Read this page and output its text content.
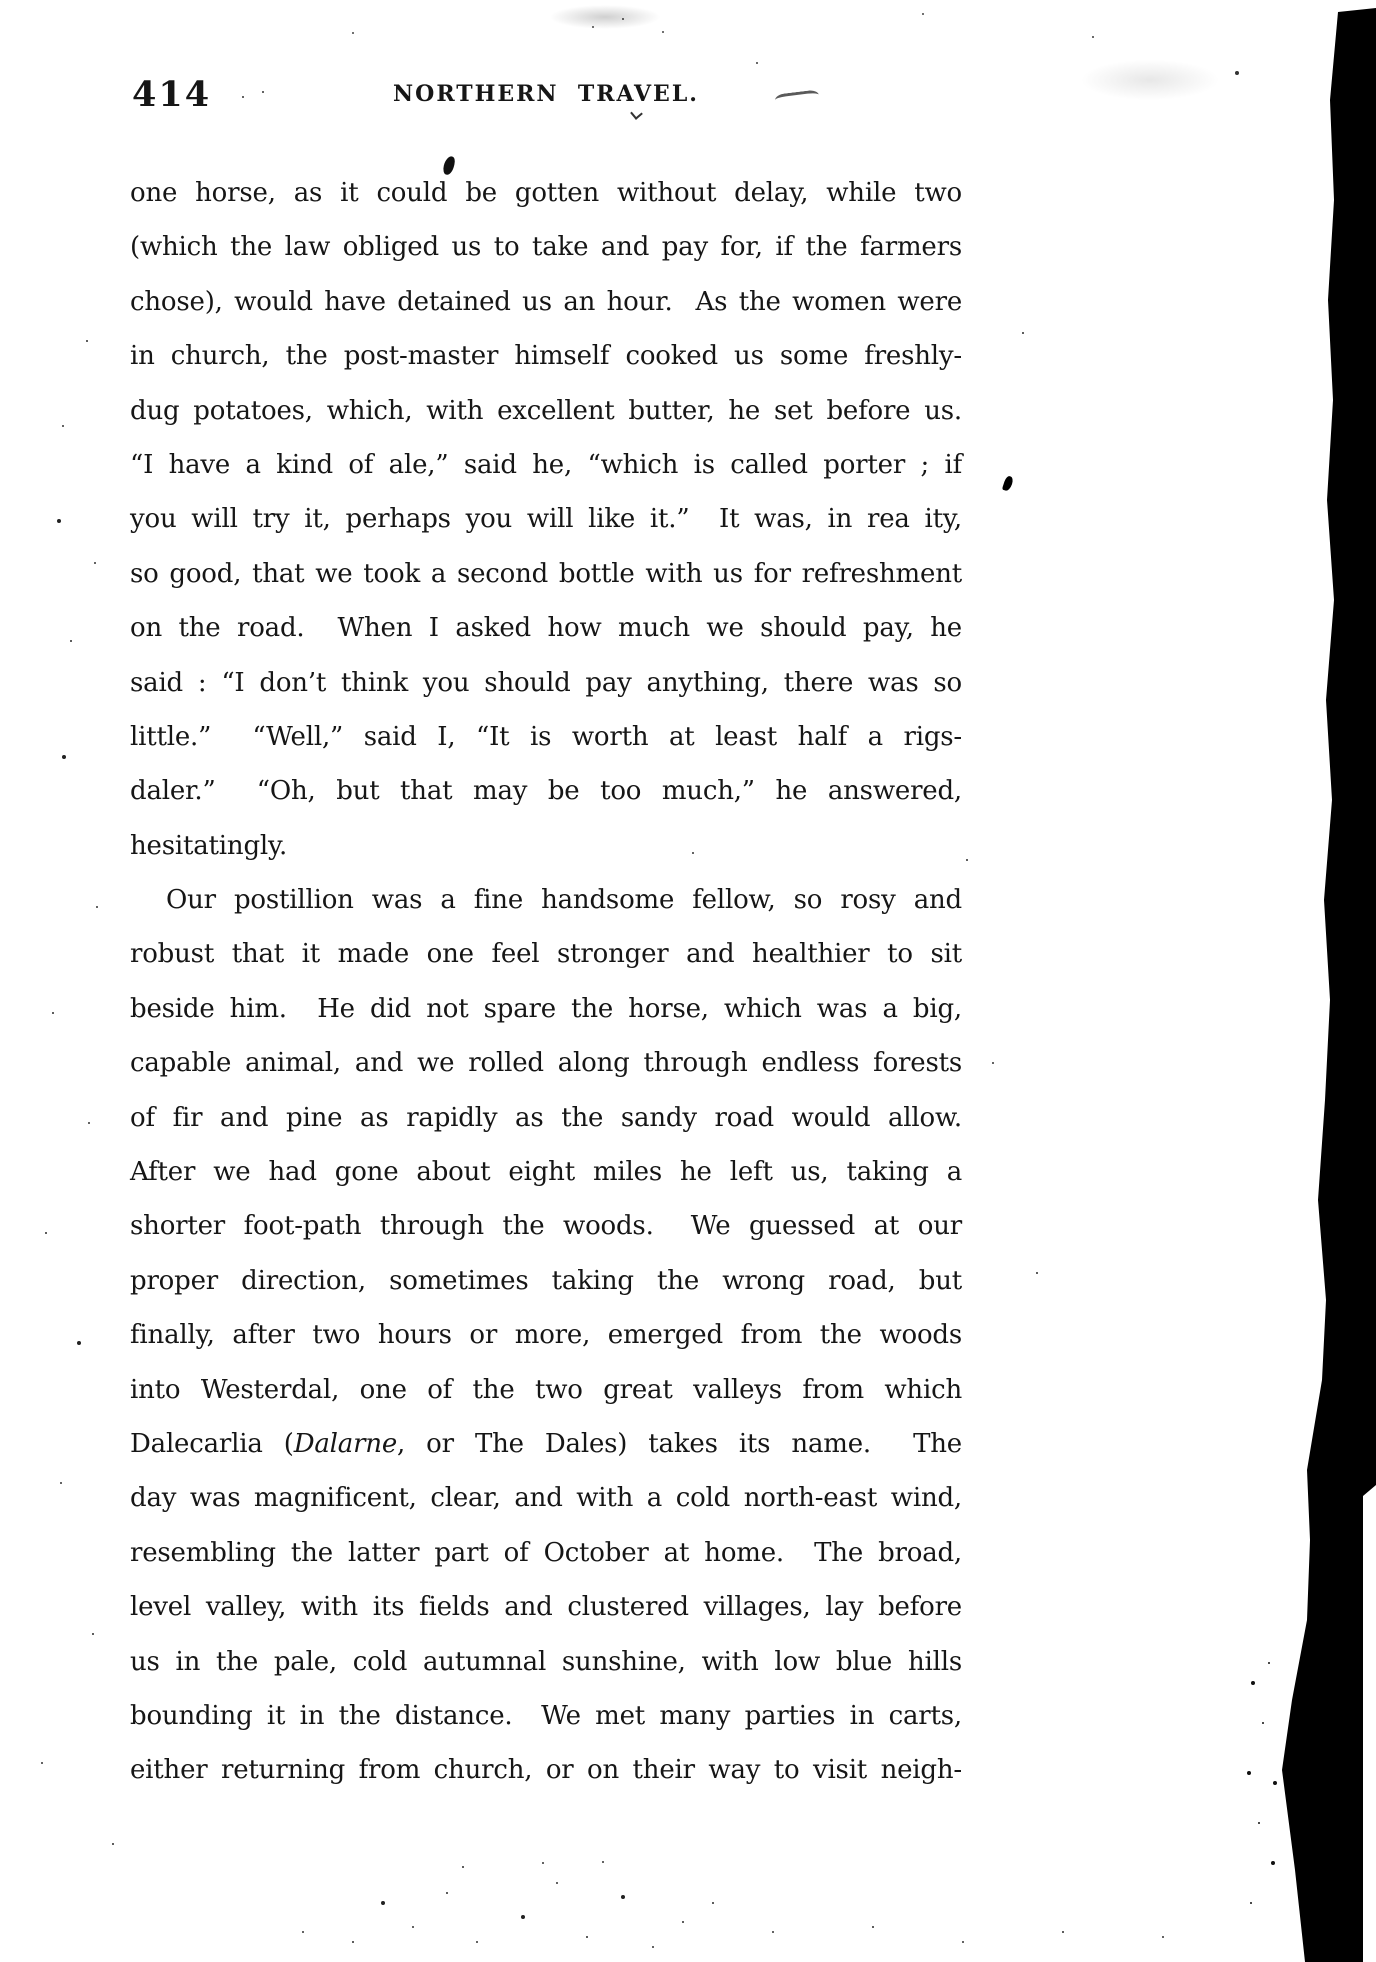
414	NORTHERN  TRAVEL.
one horse, as it could be gotten without delay, while two
(which the law obliged us to take and pay for, if the farmers
chose), would have detained us an hour.  As the women were
in church, the post-master himself cooked us some freshly-
dug potatoes, which, with excellent butter, he set before us.
“I have a kind of ale,” said he, “which is called porter ; if
you will try it, perhaps you will like it.”  It was, in rea ity,
so good, that we took a second bottle with us for refreshment
on the road.  When I asked how much we should pay, he
said : “I don’t think you should pay anything, there was so
little.”  “Well,” said I, “It is worth at least half a rigs-
daler.”  “Oh, but that may be too much,” he answered,
hesitatingly.
Our postillion was a fine handsome fellow, so rosy and
robust that it made one feel stronger and healthier to sit
beside him.  He did not spare the horse, which was a big,
capable animal, and we rolled along through endless forests
of fir and pine as rapidly as the sandy road would allow.
After we had gone about eight miles he left us, taking a
shorter foot-path through the woods.  We guessed at our
proper direction, sometimes taking the wrong road, but
finally, after two hours or more, emerged from the woods
into Westerdal, one of the two great valleys from which
Dalecarlia (Dalarne, or The Dales) takes its name.  The
day was magnificent, clear, and with a cold north-east wind,
resembling the latter part of October at home.  The broad,
level valley, with its fields and clustered villages, lay before
us in the pale, cold autumnal sunshine, with low blue hills
bounding it in the distance.  We met many parties in carts,
either returning from church, or on their way to visit neigh-
